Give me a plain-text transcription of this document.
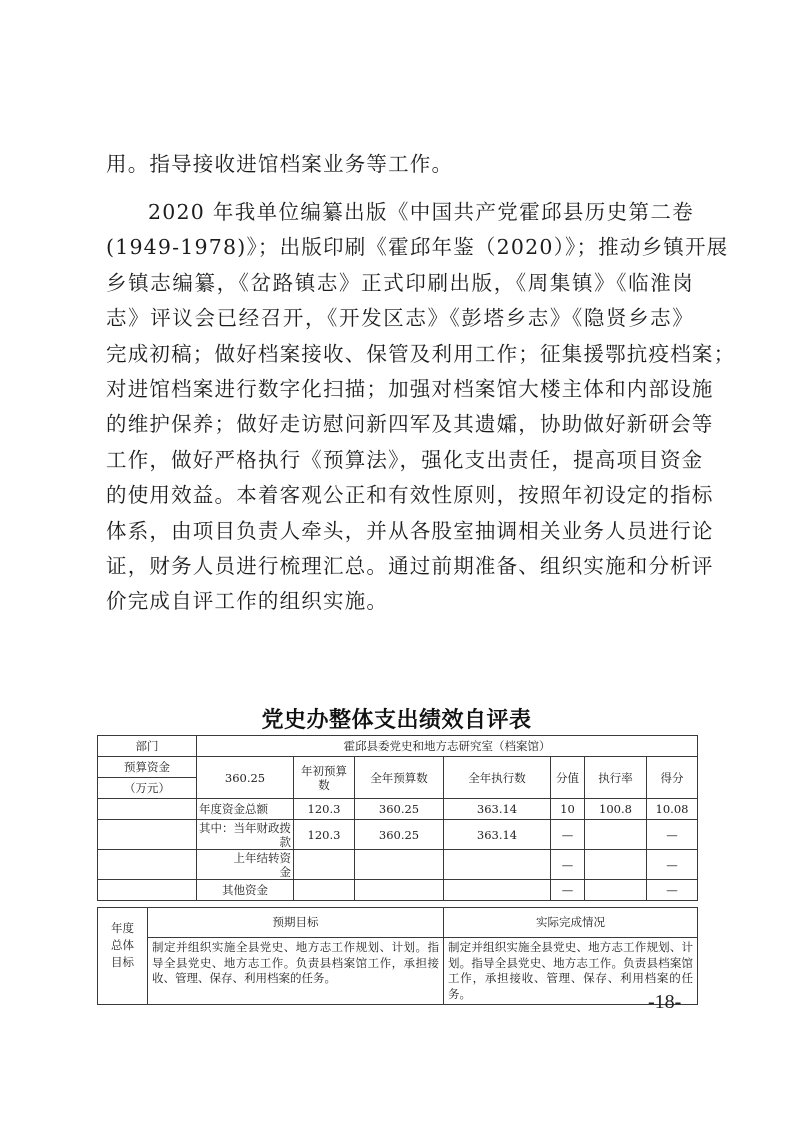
用。指导接收进馆档案业务等工作。
2020 年我单位编纂出版《中国共产党霍邱县历史第二卷
(1949-1978)》；出版印刷《霍邱年鉴（2020）》；推动乡镇开展
乡镇志编纂，《岔路镇志》正式印刷出版，《周集镇》《临淮岗
志》评议会已经召开，《开发区志》《彭塔乡志》《隐贤乡志》
完成初稿；做好档案接收、保管及利用工作；征集援鄂抗疫档案；
对进馆档案进行数字化扫描；加强对档案馆大楼主体和内部设施
的维护保养；做好走访慰问新四军及其遗孀，协助做好新研会等
工作，做好严格执行《预算法》，强化支出责任，提高项目资金
的使用效益。本着客观公正和有效性原则，按照年初设定的指标
体系，由项目负责人牵头，并从各股室抽调相关业务人员进行论
证，财务人员进行梳理汇总。通过前期准备、组织实施和分析评
价完成自评工作的组织实施。
党史办整体支出绩效自评表
部门	霍邱县委党史和地方志研究室（档案馆）						
预算资金	360.25	年初预算数	全年预算数	全年执行数	分值	执行率	得分
（万元）							
	年度资金总额	120.3	360.25	363.14	10	100.8	10.08
	其中：当年财政拨款	120.3	360.25	363.14	—		—
	上年结转资金				—		—
	其他资金				—		—
年度总体目标	预期目标	实际完成情况
	制定并组织实施全县党史、地方志工作规划、计划。指导全县党史、地方志工作。负责县档案馆工作，承担接收、管理、保存、利用档案的任务。	制定并组织实施全县党史、地方志工作规划、计划。指导全县党史、地方志工作。负责县档案馆工作，承担接收、管理、保存、利用档案的任务。	-18-
